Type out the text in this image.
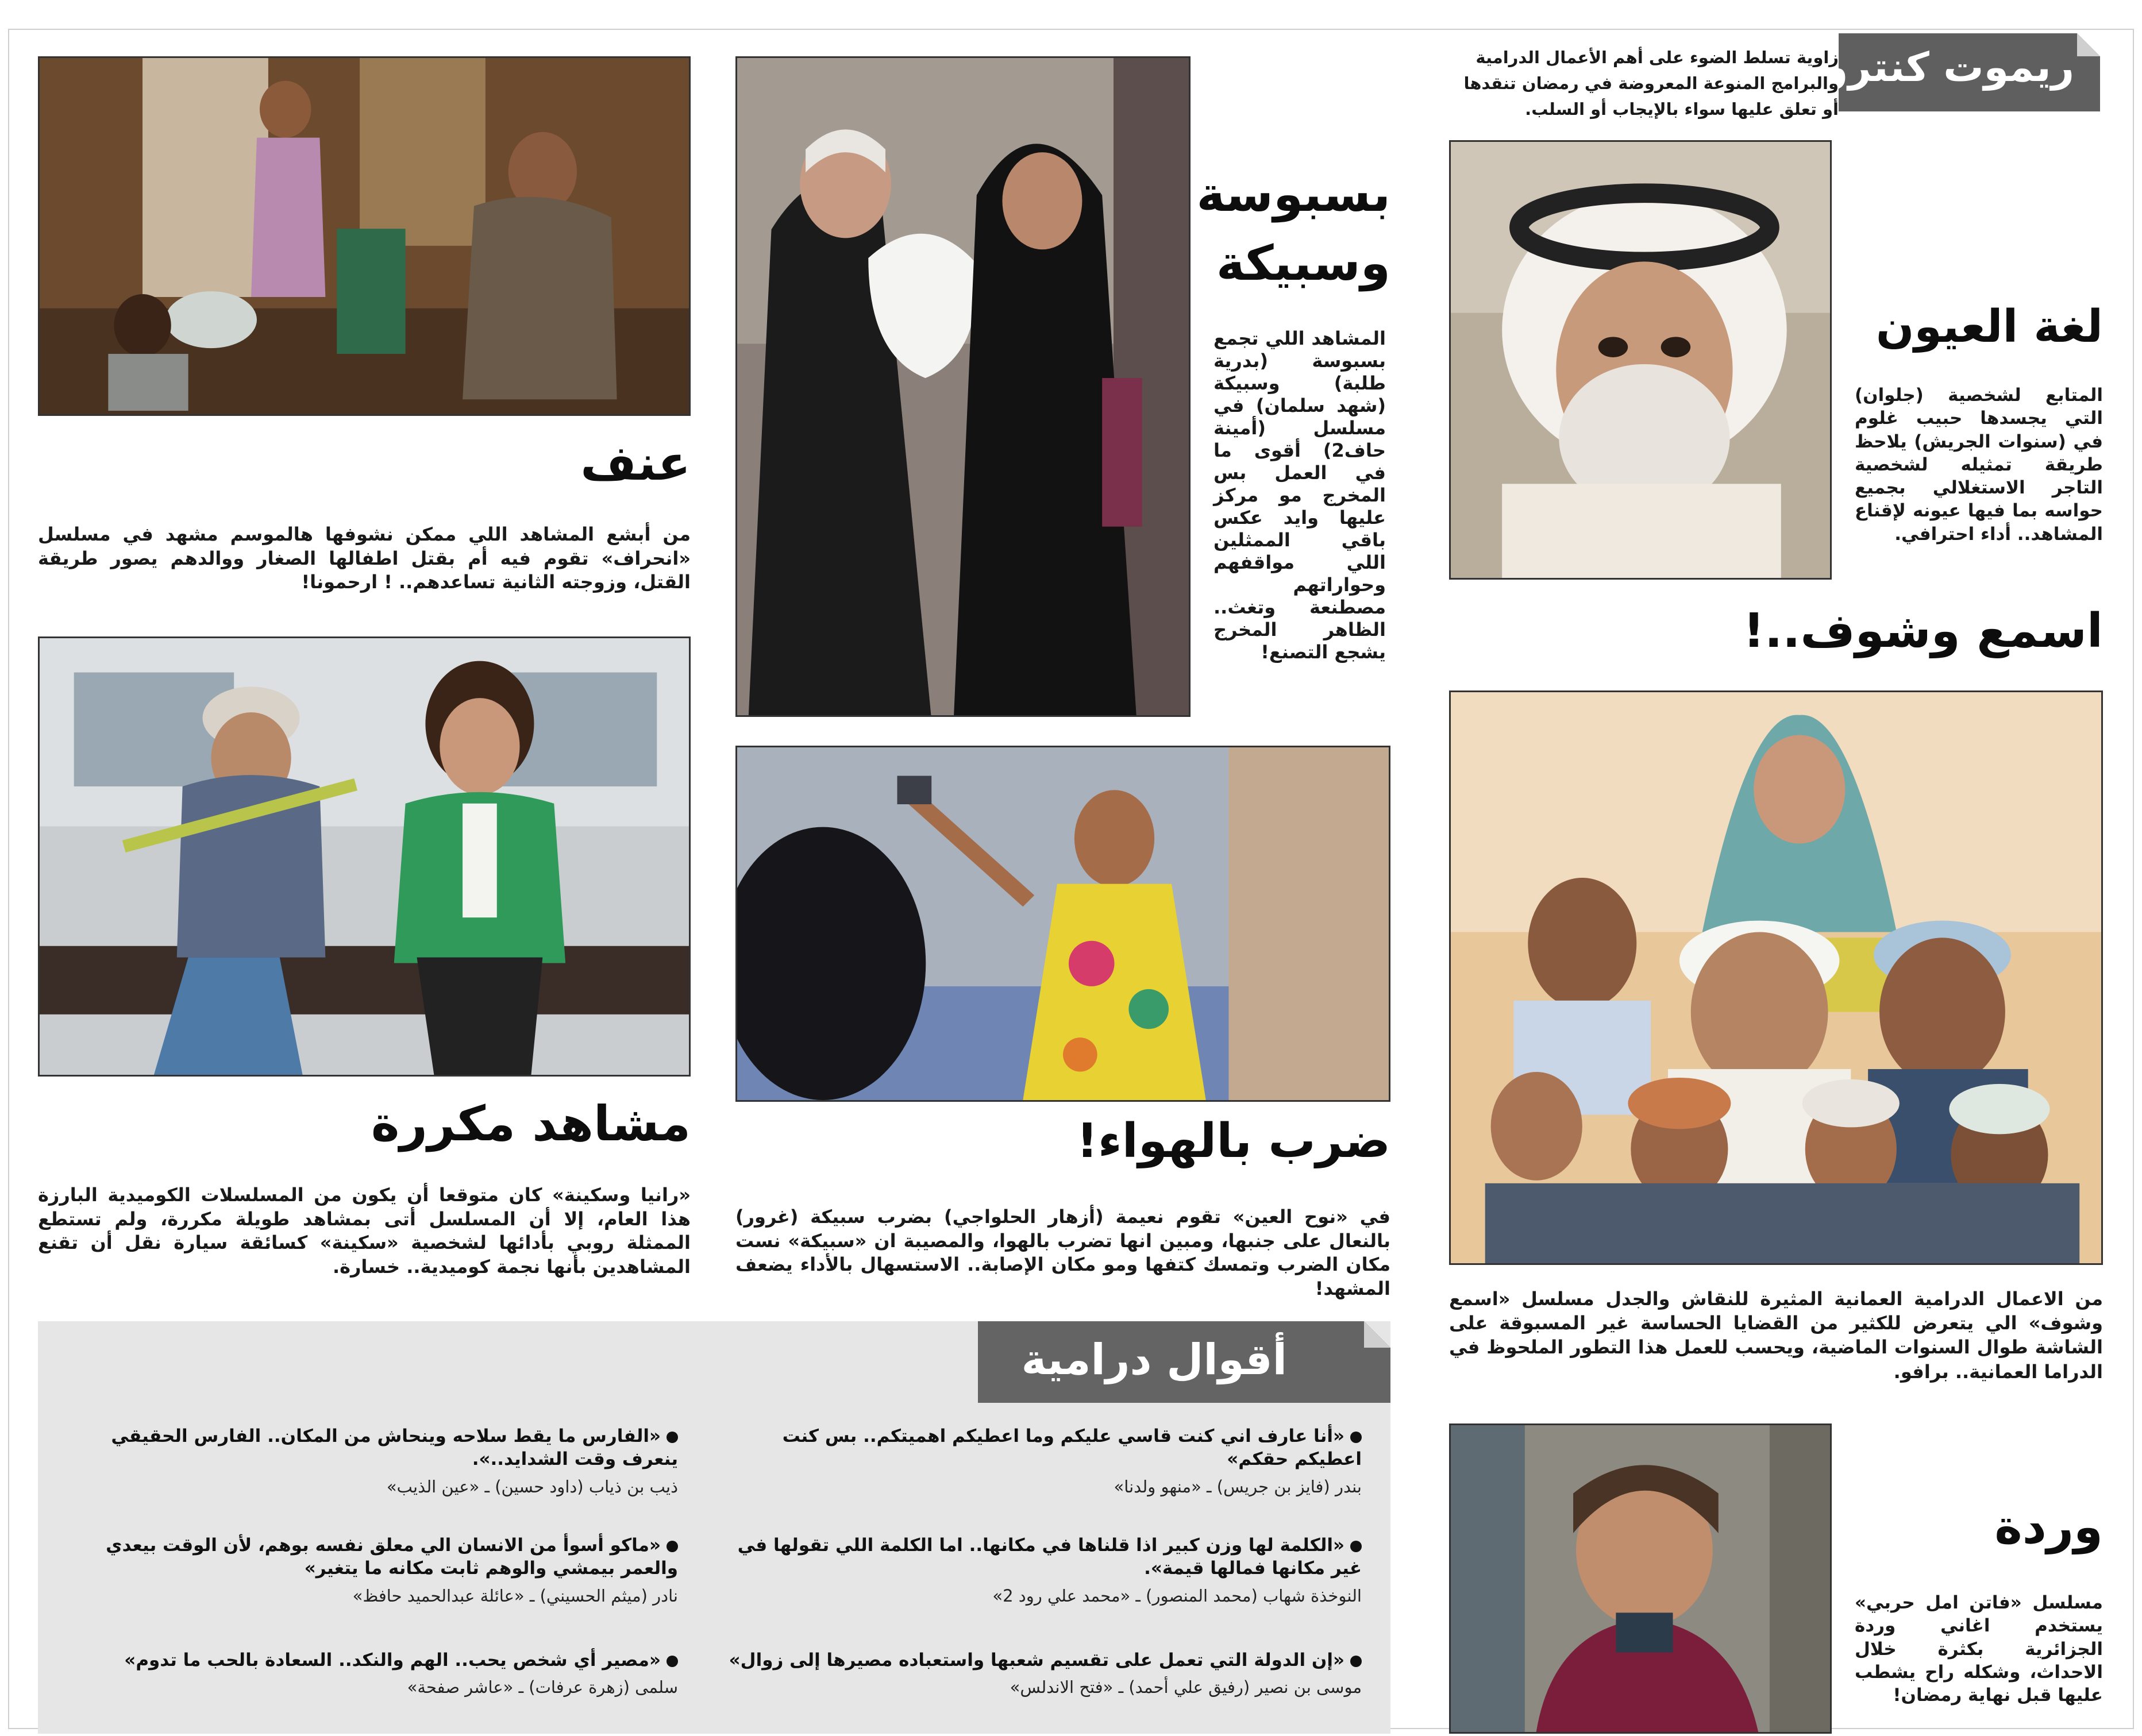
ريموت كنترول
زاوية تسلط الضوء على أهم الأعمال الدرامية والبرامج المنوعة المعروضة في رمضان تنقدها أو تعلق عليها سواء بالإيجاب أو السلب.
لغة العيون
المتابع لشخصية (جلوان) التي يجسدها حبيب غلوم في (سنوات الجريش) يلاحظ طريقة تمثيله لشخصية التاجر الاستغلالي بجميع حواسه بما فيها عيونه لإقناع المشاهد.. أداء احترافي.
اسمع وشوف..!
من الاعمال الدرامية العمانية المثيرة للنقاش والجدل مسلسل «اسمع وشوف» الي يتعرض للكثير من القضايا الحساسة غير المسبوقة على الشاشة طوال السنوات الماضية، ويحسب للعمل هذا التطور الملحوظ في الدراما العمانية.. برافو.
وردة
مسلسل «فاتن امل حربي» يستخدم اغاني وردة الجزائرية بكثرة خلال الاحداث، وشكله راح يشطب عليها قبل نهاية رمضان!
بسبوسة
وسبيكة
المشاهد اللي تجمع بسبوسة (بدرية طلبة) وسبيكة (شهد سلمان) في مسلسل (أمينة حاف2) أقوى ما في العمل بس المخرج مو مركز عليها وايد عكس باقي الممثلين اللي مواقفهم وحواراتهم مصطنعة وتغث.. الظاهر المخرج يشجع التصنع!
ضرب بالهواء!
في «نوح العين» تقوم نعيمة (أزهار الحلواجي) بضرب سبيكة (غرور) بالنعال على جنبها، ومبين انها تضرب بالهوا، والمصيبة ان «سبيكة» نست مكان الضرب وتمسك كتفها ومو مكان الإصابة.. الاستسهال بالأداء يضعف المشهد!
عنف
من أبشع المشاهد اللي ممكن نشوفها هالموسم مشهد في مسلسل «انحراف» تقوم فيه أم بقتل اطفالها الصغار ووالدهم يصور طريقة القتل، وزوجته الثانية تساعدهم.. ! ارحمونا!
مشاهد مكررة
«رانيا وسكينة» كان متوقعا أن يكون من المسلسلات الكوميدية البارزة هذا العام، إلا أن المسلسل أتى بمشاهد طويلة مكررة، ولم تستطع الممثلة روبي بأدائها لشخصية «سكينة» كسائقة سيارة نقل أن تقنع المشاهدين بأنها نجمة كوميدية.. خسارة.
أقوال درامية
«أنا عارف اني كنت قاسي عليكم وما اعطيكم اهميتكم.. بس كنت اعطيكم حقكم»
بندر (فايز بن جريس) ـ «منهو ولدنا»
«الكلمة لها وزن كبير اذا قلناها في مكانها.. اما الكلمة اللي تقولها في غير مكانها فمالها قيمة».
النوخذة شهاب (محمد المنصور) ـ «محمد علي رود 2»
«إن الدولة التي تعمل على تقسيم شعبها واستعباده مصيرها إلى زوال»
موسى بن نصير (رفيق علي أحمد) ـ «فتح الاندلس»
«الفارس ما يقط سلاحه وينحاش من المكان.. الفارس الحقيقي ينعرف وقت الشدايد..».
ذيب بن ذياب (داود حسين) ـ «عين الذيب»
«ماكو أسوأ من الانسان الي معلق نفسه بوهم، لأن الوقت بيعدي والعمر بيمشي والوهم ثابت مكانه ما يتغير»
نادر (ميثم الحسيني) ـ «عائلة عبدالحميد حافظ»
«مصير أي شخص يحب.. الهم والنكد.. السعادة بالحب ما تدوم»
سلمى (زهرة عرفات) ـ «عاشر صفحة»
